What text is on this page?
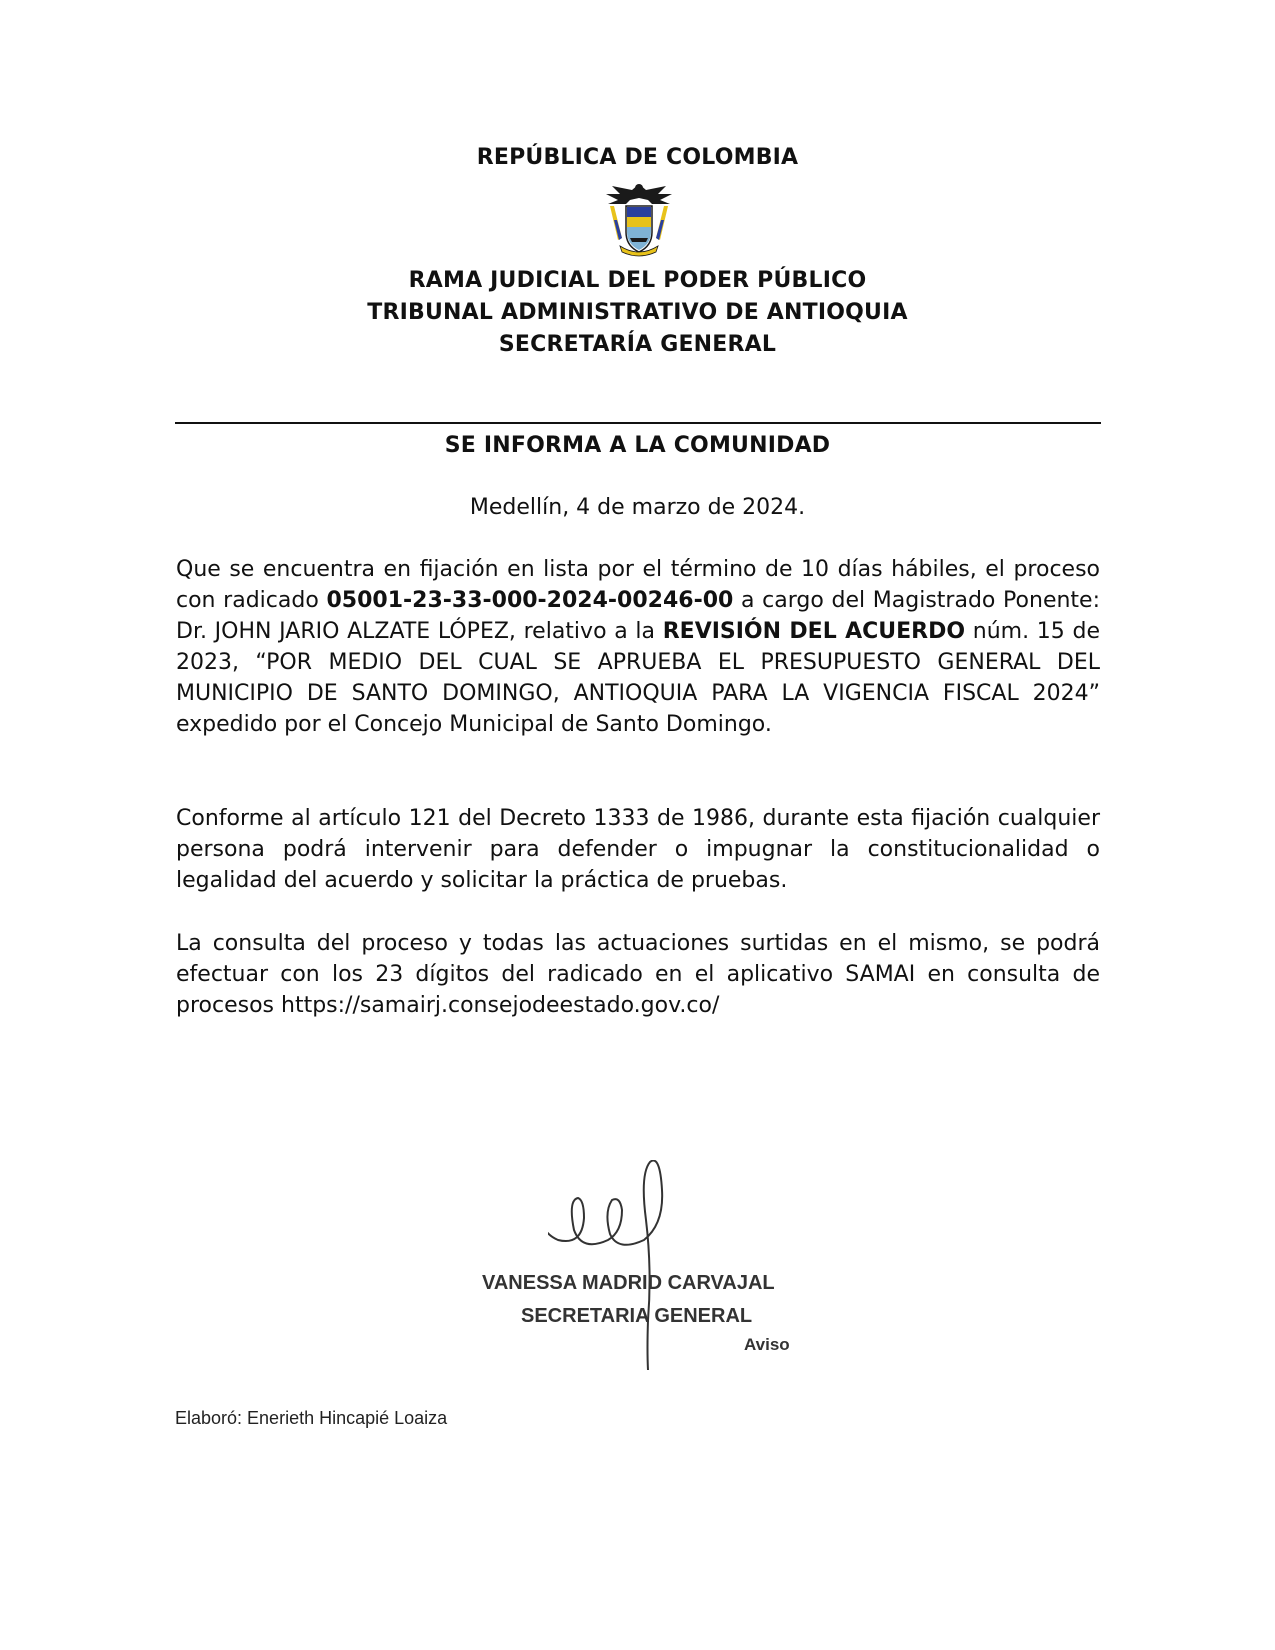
REPÚBLICA DE COLOMBIA
RAMA JUDICIAL DEL PODER PÚBLICO
TRIBUNAL ADMINISTRATIVO DE ANTIOQUIA
SECRETARÍA GENERAL
SE INFORMA A LA COMUNIDAD
Medellín, 4 de marzo de 2024.
Que se encuentra en fijación en lista por el término de 10 días hábiles, el proceso con radicado 05001-23-33-000-2024-00246-00 a cargo del Magistrado Ponente: Dr. JOHN JARIO ALZATE LÓPEZ, relativo a la REVISIÓN DEL ACUERDO núm. 15 de 2023, “POR MEDIO DEL CUAL SE APRUEBA EL PRESUPUESTO GENERAL DEL MUNICIPIO DE SANTO DOMINGO, ANTIOQUIA PARA LA VIGENCIA FISCAL 2024” expedido por el Concejo Municipal de Santo Domingo.
Conforme al artículo 121 del Decreto 1333 de 1986, durante esta fijación cualquier persona podrá intervenir para defender o impugnar la constitucionalidad o legalidad del acuerdo y solicitar la práctica de pruebas.
La consulta del proceso y todas las actuaciones surtidas en el mismo, se podrá efectuar con los 23 dígitos del radicado en el aplicativo SAMAI en consulta de procesos https://samairj.consejodeestado.gov.co/
VANESSA MADRID CARVAJAL
SECRETARIA GENERAL
Aviso
Elaboró: Enerieth Hincapié Loaiza
